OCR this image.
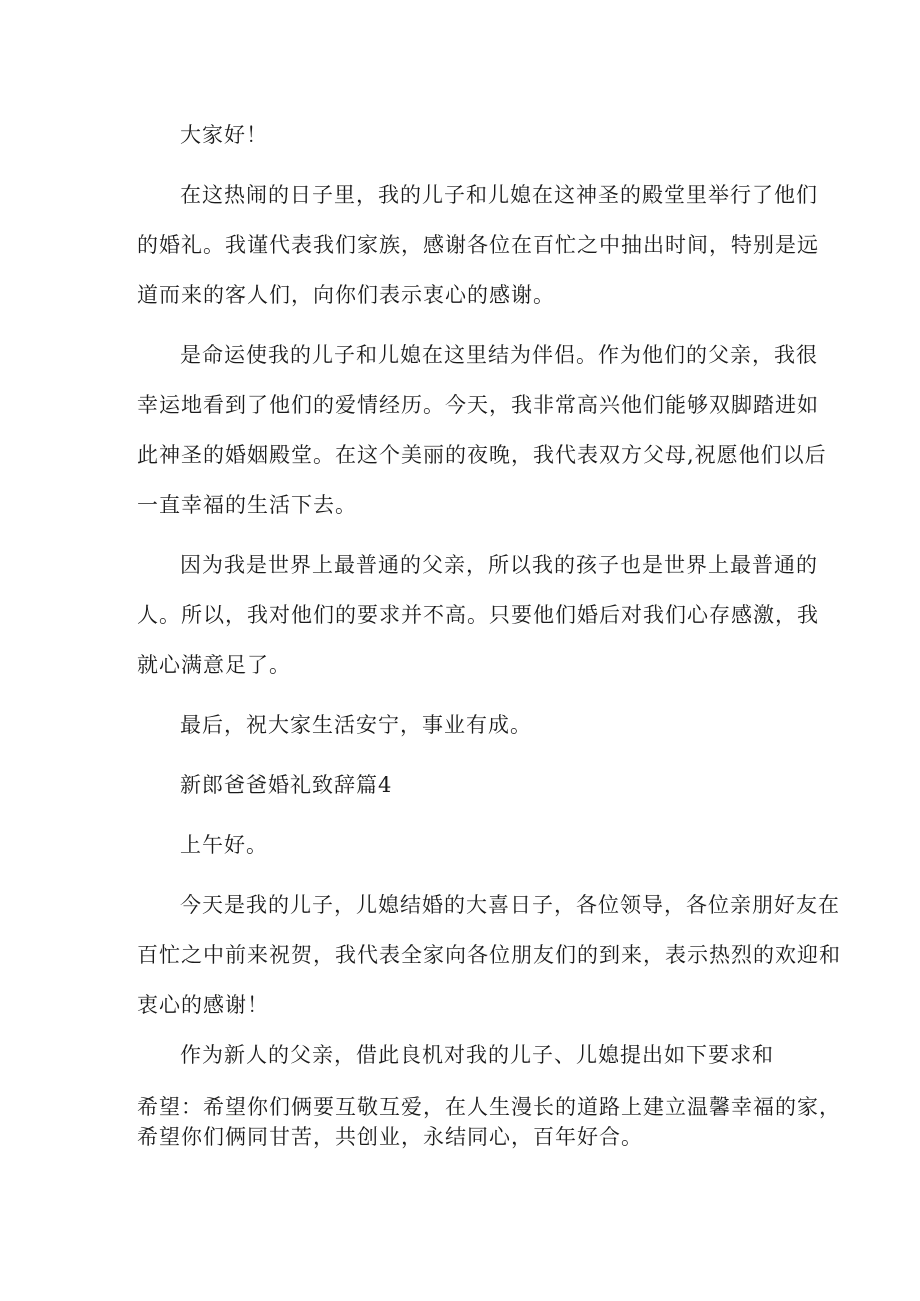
大家好！
在这热闹的日子里，我的儿子和儿媳在这神圣的殿堂里举行了他们
的婚礼。我谨代表我们家族，感谢各位在百忙之中抽出时间，特别是远
道而来的客人们，向你们表示衷心的感谢。
是命运使我的儿子和儿媳在这里结为伴侣。作为他们的父亲，我很
幸运地看到了他们的爱情经历。今天，我非常高兴他们能够双脚踏进如
此神圣的婚姻殿堂。在这个美丽的夜晚，我代表双方父母,祝愿他们以后
一直幸福的生活下去。
因为我是世界上最普通的父亲，所以我的孩子也是世界上最普通的
人。所以，我对他们的要求并不高。只要他们婚后对我们心存感激，我
就心满意足了。
最后，祝大家生活安宁，事业有成。
新郎爸爸婚礼致辞篇4
上午好。
今天是我的儿子，儿媳结婚的大喜日子，各位领导，各位亲朋好友在
百忙之中前来祝贺，我代表全家向各位朋友们的到来，表示热烈的欢迎和
衷心的感谢！
作为新人的父亲，借此良机对我的儿子、儿媳提出如下要求和
希望：希望你们俩要互敬互爱，在人生漫长的道路上建立温馨幸福的家，
希望你们俩同甘苦，共创业，永结同心，百年好合。
